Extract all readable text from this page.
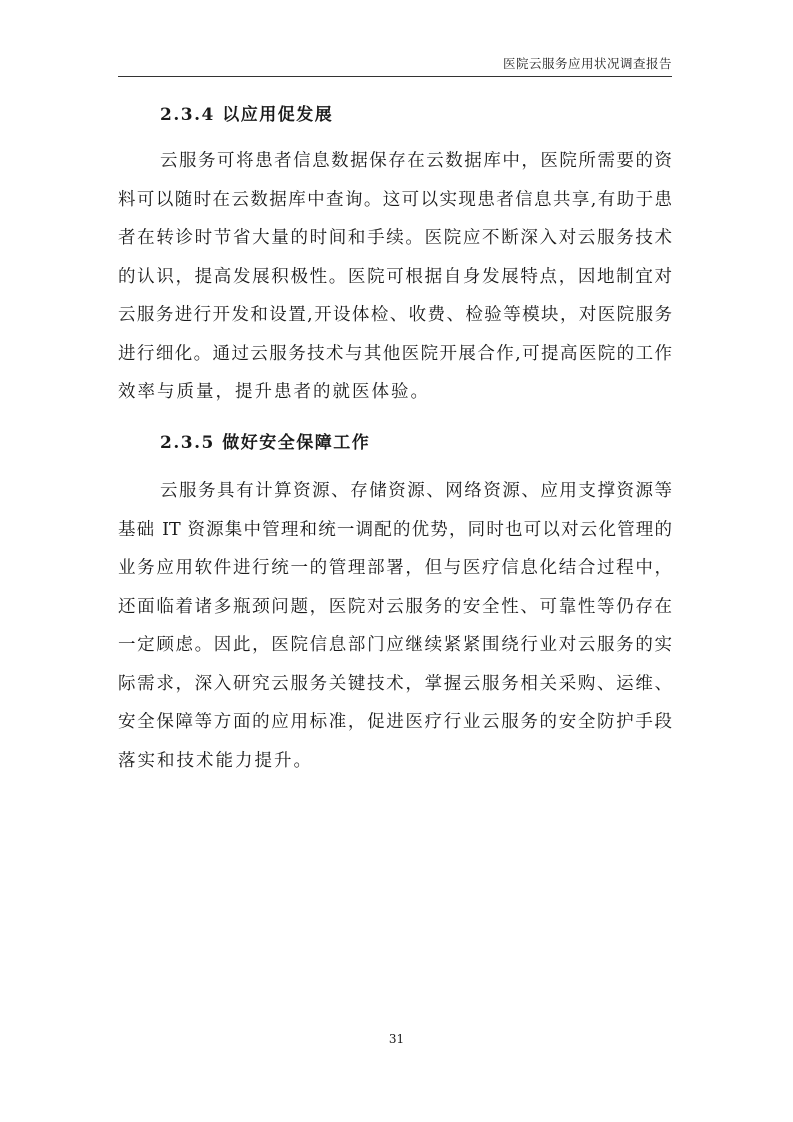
医院云服务应用状况调查报告
2.3.4 以应用促发展
云服务可将患者信息数据保存在云数据库中，医院所需要的资
料可以随时在云数据库中查询。这可以实现患者信息共享,有助于患
者在转诊时节省大量的时间和手续。医院应不断深入对云服务技术
的认识，提高发展积极性。医院可根据自身发展特点，因地制宜对
云服务进行开发和设置,开设体检、收费、检验等模块，对医院服务
进行细化。通过云服务技术与其他医院开展合作,可提高医院的工作
效率与质量，提升患者的就医体验。
2.3.5 做好安全保障工作
云服务具有计算资源、存储资源、网络资源、应用支撑资源等
基础 IT 资源集中管理和统一调配的优势，同时也可以对云化管理的
业务应用软件进行统一的管理部署，但与医疗信息化结合过程中，
还面临着诸多瓶颈问题，医院对云服务的安全性、可靠性等仍存在
一定顾虑。因此，医院信息部门应继续紧紧围绕行业对云服务的实
际需求，深入研究云服务关键技术，掌握云服务相关采购、运维、
安全保障等方面的应用标准，促进医疗行业云服务的安全防护手段
落实和技术能力提升。
31
